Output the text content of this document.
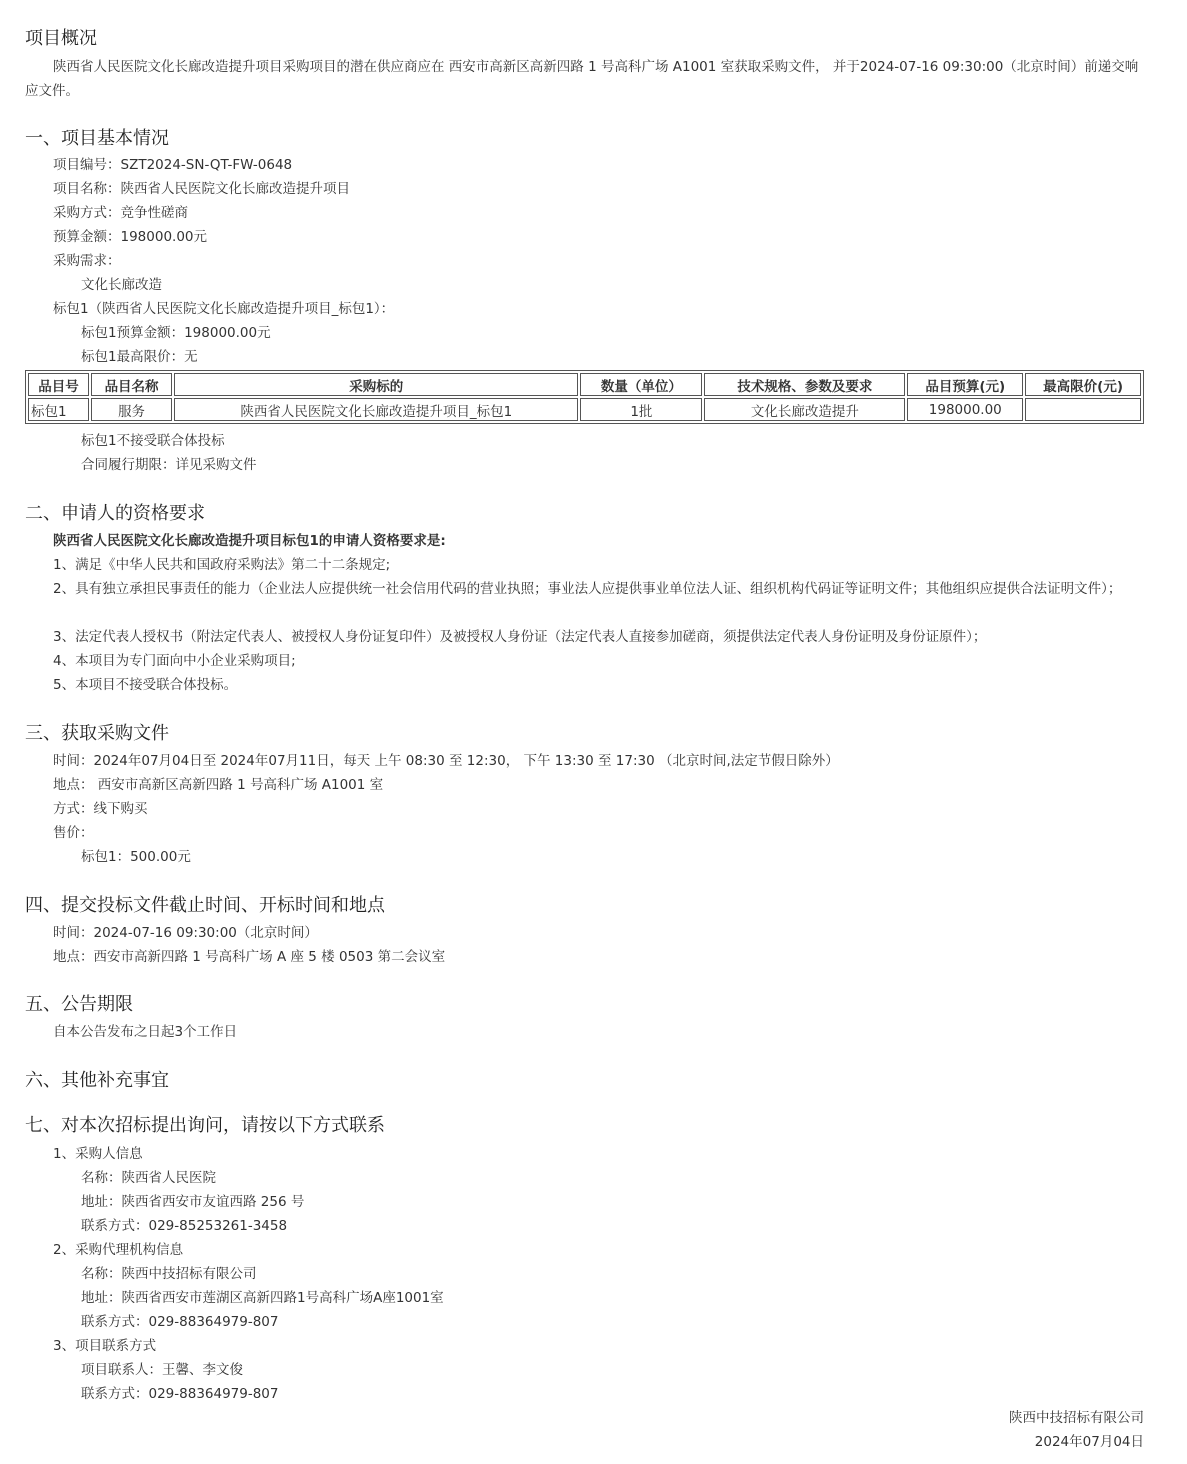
项目概况
陕西省人民医院文化长廊改造提升项目采购项目的潜在供应商应在 西安市高新区高新四路 1 号高科广场 A1001 室获取采购文件， 并于2024-07-16 09:30:00（北京时间）前递交响应文件。
一、项目基本情况
项目编号：SZT2024-SN-QT-FW-0648
项目名称：陕西省人民医院文化长廊改造提升项目
采购方式：竞争性磋商
预算金额：198000.00元
采购需求：
文化长廊改造
标包1（陕西省人民医院文化长廊改造提升项目_标包1）：
标包1预算金额：198000.00元
标包1最高限价：无
品目号	品目名称	采购标的	数量（单位）	技术规格、参数及要求	品目预算(元)	最高限价(元)
标包1	服务	陕西省人民医院文化长廊改造提升项目_标包1	1批	文化长廊改造提升	198000.00	
标包1不接受联合体投标
合同履行期限：详见采购文件
二、申请人的资格要求
陕西省人民医院文化长廊改造提升项目标包1的申请人资格要求是:
1、满足《中华人民共和国政府采购法》第二十二条规定;
2、具有独立承担民事责任的能力（企业法人应提供统一社会信用代码的营业执照；事业法人应提供事业单位法人证、组织机构代码证等证明文件；其他组织应提供合法证明文件）；
3、法定代表人授权书（附法定代表人、被授权人身份证复印件）及被授权人身份证（法定代表人直接参加磋商，须提供法定代表人身份证明及身份证原件）；
4、本项目为专门面向中小企业采购项目;
5、本项目不接受联合体投标。
三、获取采购文件
时间：2024年07月04日至 2024年07月11日，每天 上午 08:30 至 12:30， 下午 13:30 至 17:30 （北京时间,法定节假日除外）
地点： 西安市高新区高新四路 1 号高科广场 A1001 室
方式：线下购买
售价：
标包1：500.00元
四、提交投标文件截止时间、开标时间和地点
时间：2024-07-16 09:30:00（北京时间）
地点：西安市高新四路 1 号高科广场 A 座 5 楼 0503 第二会议室
五、公告期限
自本公告发布之日起3个工作日
六、其他补充事宜
七、对本次招标提出询问，请按以下方式联系
1、采购人信息
名称：陕西省人民医院
地址：陕西省西安市友谊西路 256 号
联系方式：029-85253261-3458
2、采购代理机构信息
名称：陕西中技招标有限公司
地址：陕西省西安市莲湖区高新四路1号高科广场A座1001室
联系方式：029-88364979-807
3、项目联系方式
项目联系人：王馨、李文俊
联系方式：029-88364979-807
陕西中技招标有限公司
2024年07月04日
